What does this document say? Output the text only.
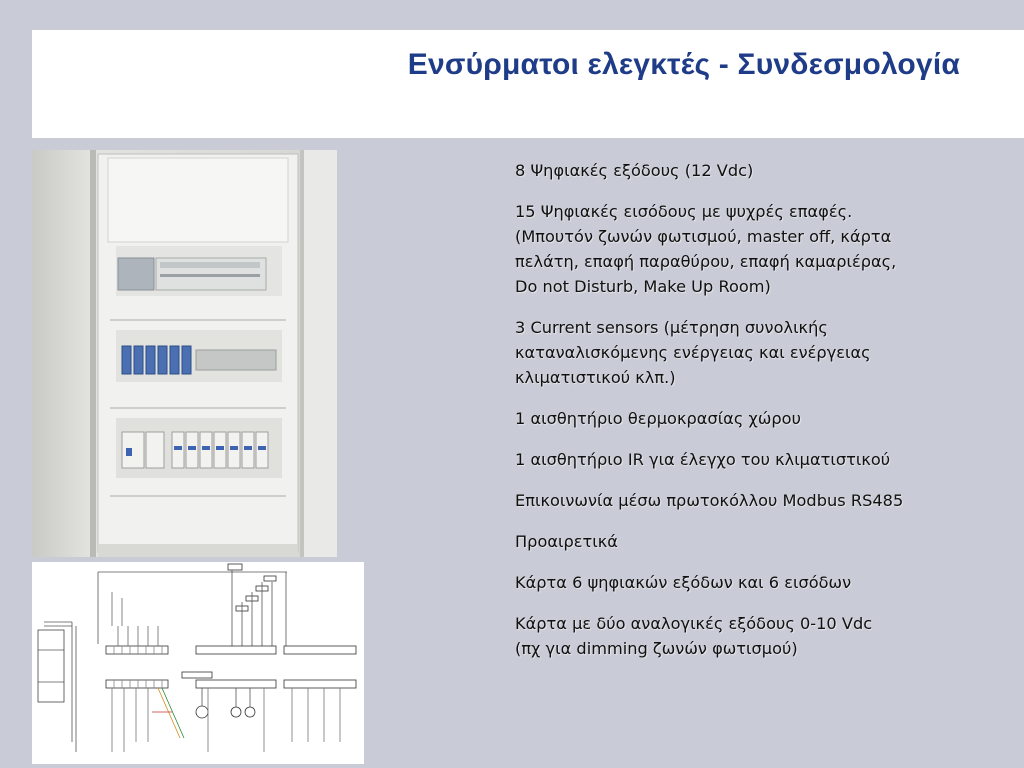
Ενσύρματοι ελεγκτές - Συνδεσμολογία
8 Ψηφιακές εξόδους (12 Vdc)
15 Ψηφιακές εισόδους με ψυχρές επαφές.
(Μπουτόν ζωνών φωτισμού, master off, κάρτα
πελάτη, επαφή παραθύρου, επαφή καμαριέρας,
Do not Disturb, Make Up Room)
3 Current sensors (μέτρηση συνολικής
καταναλισκόμενης ενέργειας και ενέργειας
κλιματιστικού κλπ.)
1 αισθητήριο θερμοκρασίας χώρου
1 αισθητήριο IR για έλεγχο του κλιματιστικού
Επικοινωνία μέσω πρωτοκόλλου Modbus RS485
Προαιρετικά
Κάρτα 6 ψηφιακών εξόδων και 6 εισόδων
Κάρτα με δύο αναλογικές εξόδους 0-10 Vdc
(πχ για dimming ζωνών φωτισμού)
